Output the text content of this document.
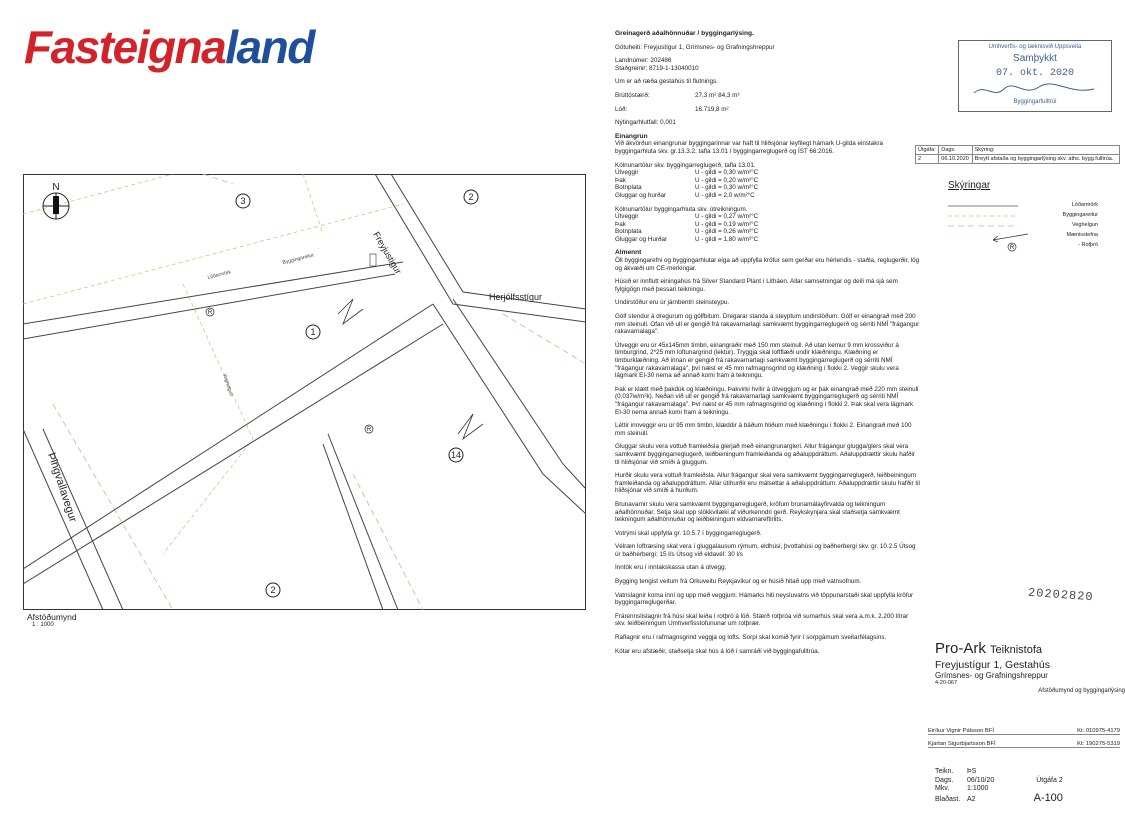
Fasteignaland
N
Freyjustigur
Herjólfsstígur
Þingvallavegur
Lóðarmörk
Byggingareitur
Veghelgun
3	2
1
14
2
R
R
Afstöðumynd
1 : 1000
Greinagerð aðalhönnuðar / byggingarlýsing.
Götuheiti: Freyjustígur 1, Grímsnes- og Grafningshreppur
Landnúmer: 202486
Staðgreinir: 8719-1-13040010
Um er að ræða gestahús til flutnings.
Brúttóstærð:	27,3 m² 84,3 m³
Lóð:	16.719,8 m²
Nýtingarhlutfall: 0,001
Einangrun
Við ákvörðun einangrunar byggingarinnar var haft til hliðsjónar leyfilegt hámark U-gilda einstakra byggingarhluta skv. gr.13.3.2. tafla 13.01 í byggingarreglugerð og ÍST 66:2016.
Kólnunartölur skv. byggingarreglugerð, tafla 13.01.
Útveggir	U - gildi = 0,30 w/m²°C
Þak	U - gildi = 0,20 w/m²°C
Botnplata	U - gildi = 0,30 w/m²°C
Gluggar og hurðar	U - gildi = 2,0 w/m²°C
Kólnunartölur byggingarhluta skv. útreikningum.
Útveggir	U - gildi = 0,27 w/m²°C
Þak	U - gildi = 0,19 w/m²°C
Botnplata	U - gildi = 0,26 w/m²°C
Gluggar og Hurðar	U - gildi = 1,80 w/m²°C
Almennt
Öll byggingarefni og byggingarhlutar eiga að uppfylla kröfur sem gerðar eru hérlendis - staðla, reglugerðir, lög og ákvæði um CE-merkingar.
Húsið er innflutt einingahús frá Silver Standard Plant í Litháen. Allar samsetningar og deili má sjá sem fylgigögn með þessari teikningu.
Undirstöður eru úr járnbentri steinsteypu.
Gólf stendur á dregurum og gólfbitum. Dregarar standa á steyptum undirstöðum. Gólf er einangrað með 200 mm steinull. Ofan við ull er gengið frá rakavarnarlagi samkvæmt byggingarreglugerð og sérriti NMÍ "frágangur rakavarnalaga".
Útveggir eru úr 45x145mm timbri, einangraðir með 150 mm steinull. Að utan kemur 9 mm krossviður á timburgrind, 2*25 mm loftunargrind (lektur). Tryggja skal loftflæði undir klæðningu. Klæðning er timburklæðning. Að innan er gengið frá rakavarnarlagi samkvæmt byggingarreglugerð og sérriti NMÍ "frágangur rakavarnalaga", því næst er 45 mm rafmagnsgrind og klæðning í flokki 2. Veggir skulu vera lágmark EI-30 nema að annað komi fram á teikningu.
Þak er klætt með þakdúk og klæðningu. Þakvirki hvílir á útveggjum og er þak einangrað með 220 mm steinull (0,037w/m²k). Neðan við ull er gengið frá rakavarnarlagi samkvæmt byggingarreglugerð og sérriti NMÍ "frágangur rakavarnalaga". Því næst er 45 mm rafmagnsgrind og klæðning í flokki 2. Þak skal vera lágmark EI-30 nema annað komi fram á teikningu.
Léttir innveggir eru úr 95 mm timbri, klæddir á báðum hliðum með klæðningu í flokki 2. Einangrað með 100 mm steinull.
Gluggar skulu vera vottuð framleiðsla glerjað með einangrunargleri. Allur frágangur glugga/glers skal vera samkvæmt byggingarreglugerð, leiðbeiningum framleiðanda og aðaluppdráttum. Aðaluppdrættir skulu hafðir til hliðsjónar við smíði á gluggum.
Hurðir skulu vera vottuð framleiðsla. Allur frágangur skal vera samkvæmt byggingarreglugerð, leiðbeiningum framleiðanda og aðaluppdráttum. Allar útihurðir eru málsettar á aðaluppdráttum. Aðaluppdrættir skulu hafðir til hliðsjónar við smíði á hurðum.
Brunavarnir skulu vera samkvæmt byggingarreglugerð, kröfum brunamálayfirvalda og teikningum aðalhönnuðar. Setja skal upp slökkvitæki af viðurkenndri gerð. Reykskynjara skal staðsetja samkvæmt teikningum aðalhönnuðar og leiðbeiningum eldvarnareftirlits.
Votrými skal uppfylla gr. 10.5.7 í byggingarreglugerð.
Vélræn loftræsing skal vera í gluggalausum rýmum, eldhúsi, þvottahúsi og baðherbergi skv. gr. 10.2.5 Útsog úr baðherbergi: 15 l/s Útsog við eldavél: 30 l/s
Inntök eru í inntakskassa utan á útvegg.
Bygging tengist veitum frá Orkuveitu Reykjavíkur og er húsið hitað upp með vatnsofnum.
Vatnslagnir koma inní og upp með veggjum. Hámarks hiti neysluvatns við töppunarstaði skal uppfylla kröfur byggingarreglugerðar.
Frárennslislagnir frá húsi skal leiða í rotþró á lóð. Stærð rotþróa við sumarhús skal vera a.m.k. 2.200 lítrar skv. leiðbeiningum Umhverfisstofununar um rotþrær.
Raflagnir eru í rafmagnsgrind veggja og lofts. Sorpi skal komið fyrir í sorpgámum sveitarfélagsins.
Kótar eru afstæðir, staðsetja skal hús á lóð í samráði við byggingafulltrúa.
Umhverfis- og tæknisvið Uppsveita
Samþykkt
07. okt. 2020
Byggingarfulltrúi
Útgáfa:	Dags.	Skýring:
2	06.10.2020	Breytt afstaða og byggingarlýsing skv. aths. bygg.fulltrúa.
Skýringar
Lóðarmörk
Byggingareitur
Veghelgun
Mænisstefna
R	- Rotþró
20202820
Pro-Ark Teiknistofa
Freyjustígur 1, Gestahús
Grímsnes- og Grafningshreppur
4-20-067
Afstöðumynd og byggingarlýsing
Eiríkur Vignir Pálsson BFÍ	Kt: 010975-4179
Kjartan Sigurbjartsson BFÍ	Kt: 190275-5319
Teikn. ÞS
Dags. 06/10/20	Útgáfa 2
Mkv.	1:1000
Blaðast. A2	A-100
